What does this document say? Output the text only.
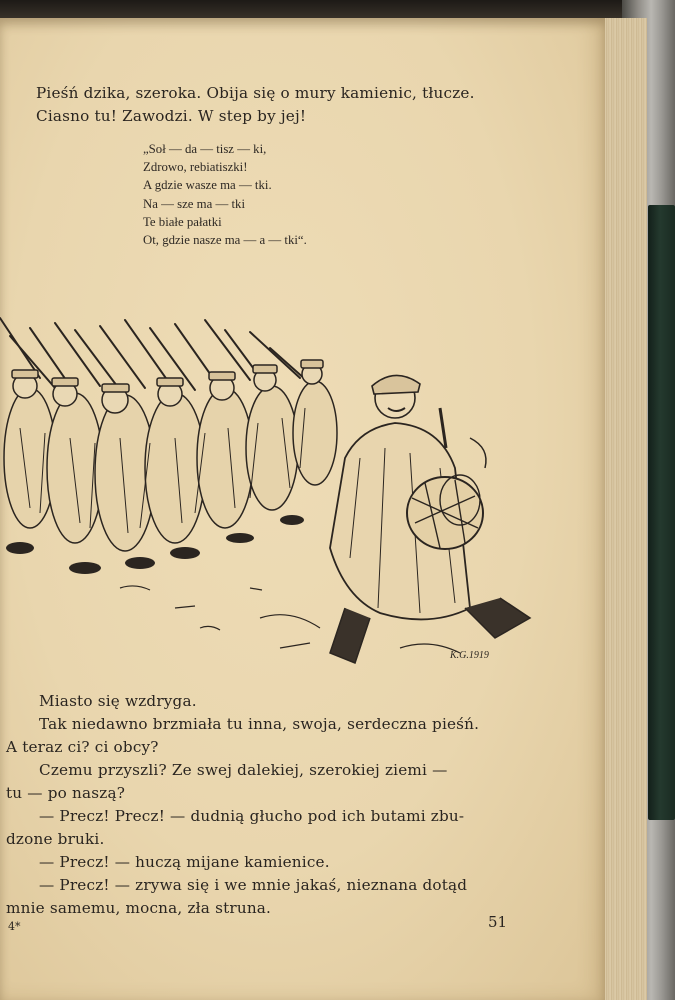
Pieśń dzika, szeroka. Obija się o mury kamienic, tłucze.
Ciasno tu! Zawodzi. W step by jej!
„Soł — da — tisz — ki,
Zdrowo, rebiatiszki!
A gdzie wasze ma — tki.
Na — sze ma — tki
Te białe pałatki
Ot, gdzie nasze ma — a — tki“.
K.G.1919
Miasto się wzdryga.
Tak niedawno brzmiała tu inna, swoja, serdeczna pieśń.
A teraz ci? ci obcy?
Czemu przyszli? Ze swej dalekiej, szerokiej ziemi —
tu — po naszą?
— Precz! Precz! — dudnią głucho pod ich butami zbu-
dzone bruki.
— Precz! — huczą mijane kamienice.
— Precz! — zrywa się i we mnie jakaś, nieznana dotąd
mnie samemu, mocna, zła struna.
4*	51
